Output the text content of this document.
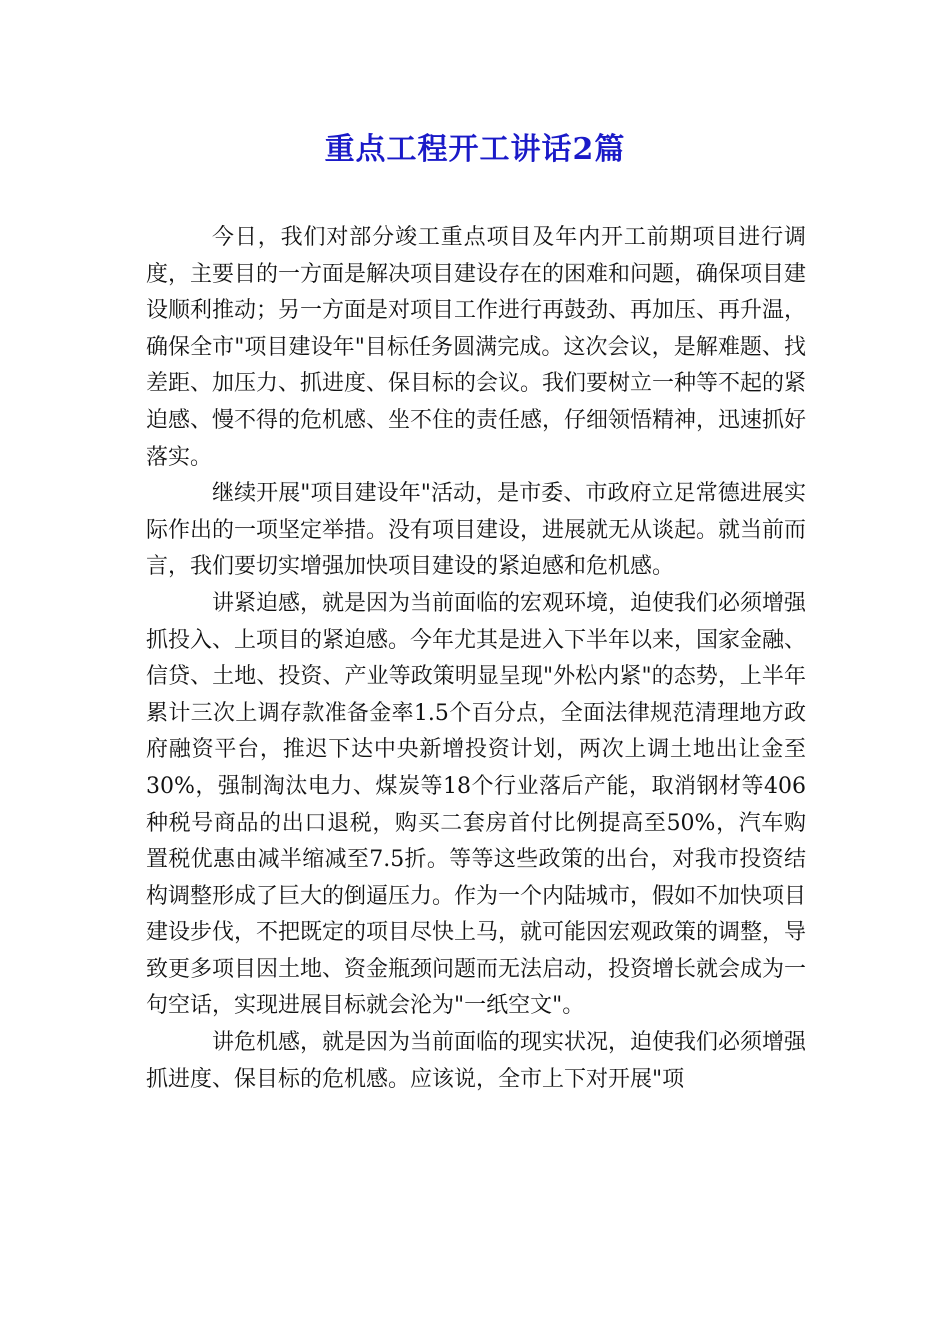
重点工程开工讲话2篇

今日，我们对部分竣工重点项目及年内开工前期项目进行调度，主要目的一方面是解决项目建设存在的困难和问题，确保项目建设顺利推动；另一方面是对项目工作进行再鼓劲、再加压、再升温，确保全市"项目建设年"目标任务圆满完成。这次会议，是解难题、找差距、加压力、抓进度、保目标的会议。我们要树立一种等不起的紧迫感、慢不得的危机感、坐不住的责任感，仔细领悟精神，迅速抓好落实。

继续开展"项目建设年"活动，是市委、市政府立足常德进展实际作出的一项坚定举措。没有项目建设，进展就无从谈起。就当前而言，我们要切实增强加快项目建设的紧迫感和危机感。

讲紧迫感，就是因为当前面临的宏观环境，迫使我们必须增强抓投入、上项目的紧迫感。今年尤其是进入下半年以来，国家金融、信贷、土地、投资、产业等政策明显呈现"外松内紧"的态势，上半年累计三次上调存款准备金率1.5个百分点，全面法律规范清理地方政府融资平台，推迟下达中央新增投资计划，两次上调土地出让金至30%，强制淘汰电力、煤炭等18个行业落后产能，取消钢材等406种税号商品的出口退税，购买二套房首付比例提高至50%，汽车购置税优惠由减半缩减至7.5折。等等这些政策的出台，对我市投资结构调整形成了巨大的倒逼压力。作为一个内陆城市，假如不加快项目建设步伐，不把既定的项目尽快上马，就可能因宏观政策的调整，导致更多项目因土地、资金瓶颈问题而无法启动，投资增长就会成为一句空话，实现进展目标就会沦为"一纸空文"。

讲危机感，就是因为当前面临的现实状况，迫使我们必须增强抓进度、保目标的危机感。应该说，全市上下对开展"项
